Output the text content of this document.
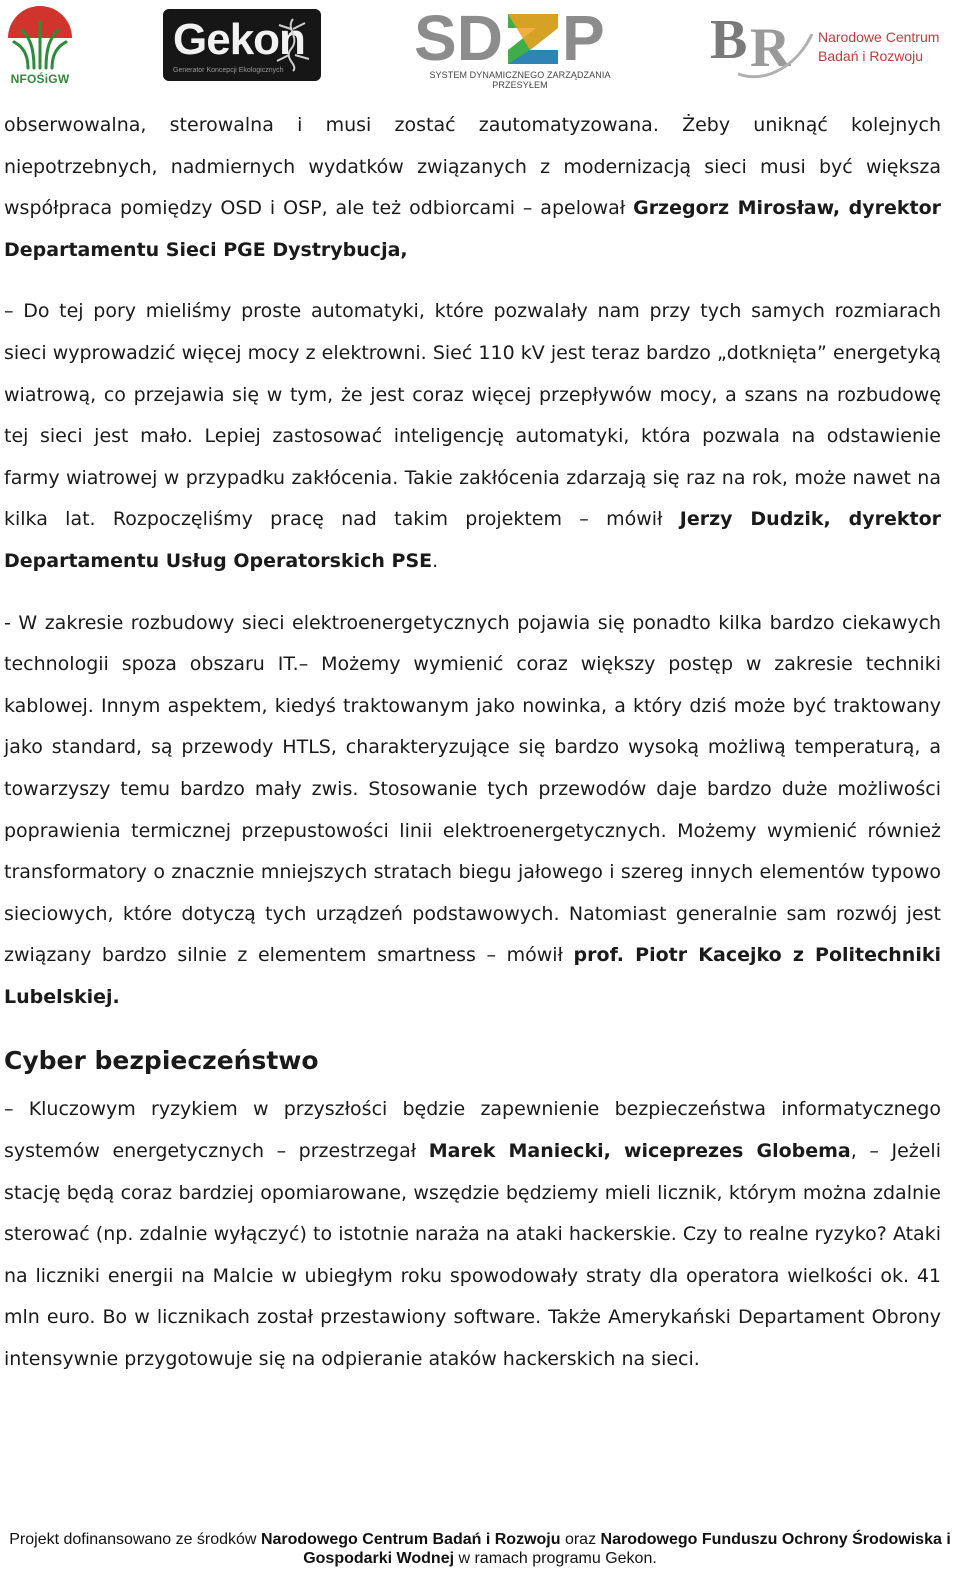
NFOŚiGW
Gekon
Generator Koncepcji Ekologicznych SD P
SYSTEM DYNAMICZNEGO ZARZĄDZANIA PRZESYŁEM
B R Narodowe Centrum
Badań i Rozwoju

obserwowalna, sterowalna i musi zostać zautomatyzowana. Żeby uniknąć kolejnych niepotrzebnych, nadmiernych wydatków związanych z modernizacją sieci musi być większa współpraca pomiędzy OSD i OSP, ale też odbiorcami – apelował Grzegorz Mirosław, dyrektor Departamentu Sieci PGE Dystrybucja,

– Do tej pory mieliśmy proste automatyki, które pozwalały nam przy tych samych rozmiarach sieci wyprowadzić więcej mocy z elektrowni. Sieć 110 kV jest teraz bardzo „dotknięta” energetyką wiatrową, co przejawia się w tym, że jest coraz więcej przepływów mocy, a szans na rozbudowę tej sieci jest mało. Lepiej zastosować inteligencję automatyki, która pozwala na odstawienie farmy wiatrowej w przypadku zakłócenia. Takie zakłócenia zdarzają się raz na rok, może nawet na kilka lat. Rozpoczęliśmy pracę nad takim projektem – mówił Jerzy Dudzik, dyrektor Departamentu Usług Operatorskich PSE.

- W zakresie rozbudowy sieci elektroenergetycznych pojawia się ponadto kilka bardzo ciekawych technologii spoza obszaru IT.– Możemy wymienić coraz większy postęp w zakresie techniki kablowej. Innym aspektem, kiedyś traktowanym jako nowinka, a który dziś może być traktowany jako standard, są przewody HTLS, charakteryzujące się bardzo wysoką możliwą temperaturą, a towarzyszy temu bardzo mały zwis. Stosowanie tych przewodów daje bardzo duże możliwości poprawienia termicznej przepustowości linii elektroenergetycznych. Możemy wymienić również transformatory o znacznie mniejszych stratach biegu jałowego i szereg innych elementów typowo sieciowych, które dotyczą tych urządzeń podstawowych. Natomiast generalnie sam rozwój jest związany bardzo silnie z elementem smartness – mówił prof. Piotr Kacejko z Politechniki Lubelskiej.

Cyber bezpieczeństwo

– Kluczowym ryzykiem w przyszłości będzie zapewnienie bezpieczeństwa informatycznego systemów energetycznych – przestrzegał Marek Maniecki, wiceprezes Globema, – Jeżeli stację będą coraz bardziej opomiarowane, wszędzie będziemy mieli licznik, którym można zdalnie sterować (np. zdalnie wyłączyć) to istotnie naraża na ataki hackerskie. Czy to realne ryzyko? Ataki na liczniki energii na Malcie w ubiegłym roku spowodowały straty dla operatora wielkości ok. 41 mln euro. Bo w licznikach został przestawiony software. Także Amerykański Departament Obrony intensywnie przygotowuje się na odpieranie ataków hackerskich na sieci.

Projekt dofinansowano ze środków Narodowego Centrum Badań i Rozwoju oraz Narodowego Funduszu Ochrony Środowiska i Gospodarki Wodnej w ramach programu Gekon.
